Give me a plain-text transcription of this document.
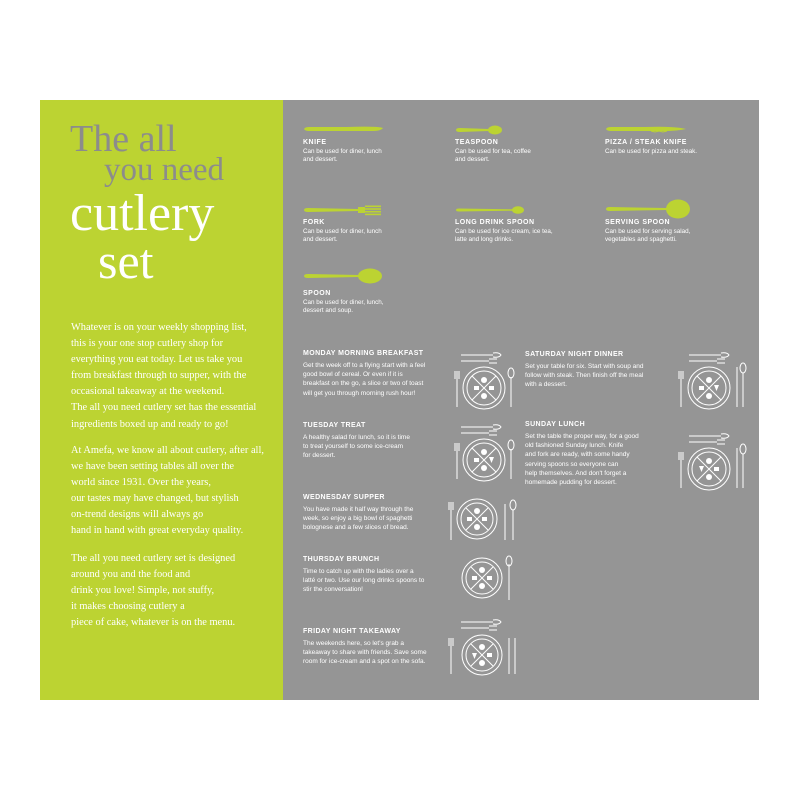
The all
you need
cutlery
set

Whatever is on your weekly shopping list,
this is your one stop cutlery shop for
everything you eat today. Let us take you
from breakfast through to supper, with the
occasional takeaway at the weekend.
The all you need cutlery set has the essential
ingredients boxed up and ready to go!

At Amefa, we know all about cutlery, after all,
we have been setting tables all over the
world since 1931. Over the years,
our tastes may have changed, but stylish
on-trend designs will always go
hand in hand with great everyday quality.

The all you need cutlery set is designed
around you and the food and
drink you love! Simple, not stuffy,
it makes choosing cutlery a
piece of cake, whatever is on the menu.

KNIFE
Can be used for diner, lunch
and dessert.
TEASPOON
Can be used for tea, coffee
and dessert.
PIZZA / STEAK KNIFE
Can be used for pizza and steak.
FORK
Can be used for diner, lunch
and dessert.
LONG DRINK SPOON
Can be used for ice cream, ice tea,
latte and long drinks.
SERVING SPOON
Can be used for serving salad,
vegetables and spaghetti.
SPOON
Can be used for diner, lunch,
dessert and soup.
MONDAY MORNING BREAKFAST
Get the week off to a flying start with a feel
good bowl of cereal. Or even if it is
breakfast on the go, a slice or two of toast
will get you through morning rush hour!
TUESDAY TREAT
A healthy salad for lunch, so it is time
to treat yourself to some ice-cream
for dessert.
WEDNESDAY SUPPER
You have made it half way through the
week, so enjoy a big bowl of spaghetti
bolognese and a few slices of bread.
THURSDAY BRUNCH
Time to catch up with the ladies over a
latté or two. Use our long drinks spoons to
stir the conversation!
FRIDAY NIGHT TAKEAWAY
The weekends here, so let's grab a
takeaway to share with friends. Save some
room for ice-cream and a spot on the sofa.
SATURDAY NIGHT DINNER
Set your table for six. Start with soup and
follow with steak. Then finish off the meal
with a dessert.
SUNDAY LUNCH
Set the table the proper way, for a good
old fashioned Sunday lunch. Knife
and fork are ready, with some handy
serving spoons so everyone can
help themselves. And don't forget a
homemade pudding for dessert.
